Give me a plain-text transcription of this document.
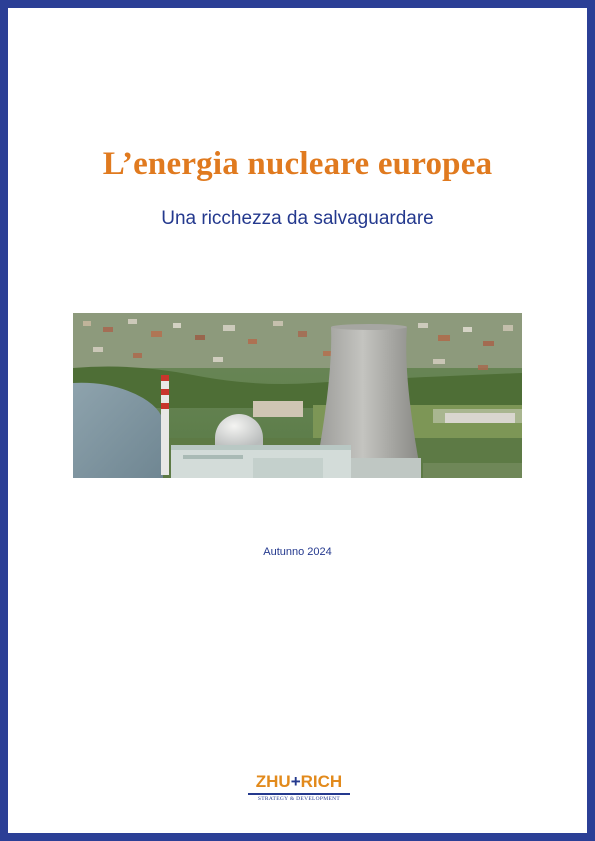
L’energia nucleare europea
Una ricchezza da salvaguardare
Autunno 2024
ZHU+RICH
STRATEGY & DEVELOPMENT
